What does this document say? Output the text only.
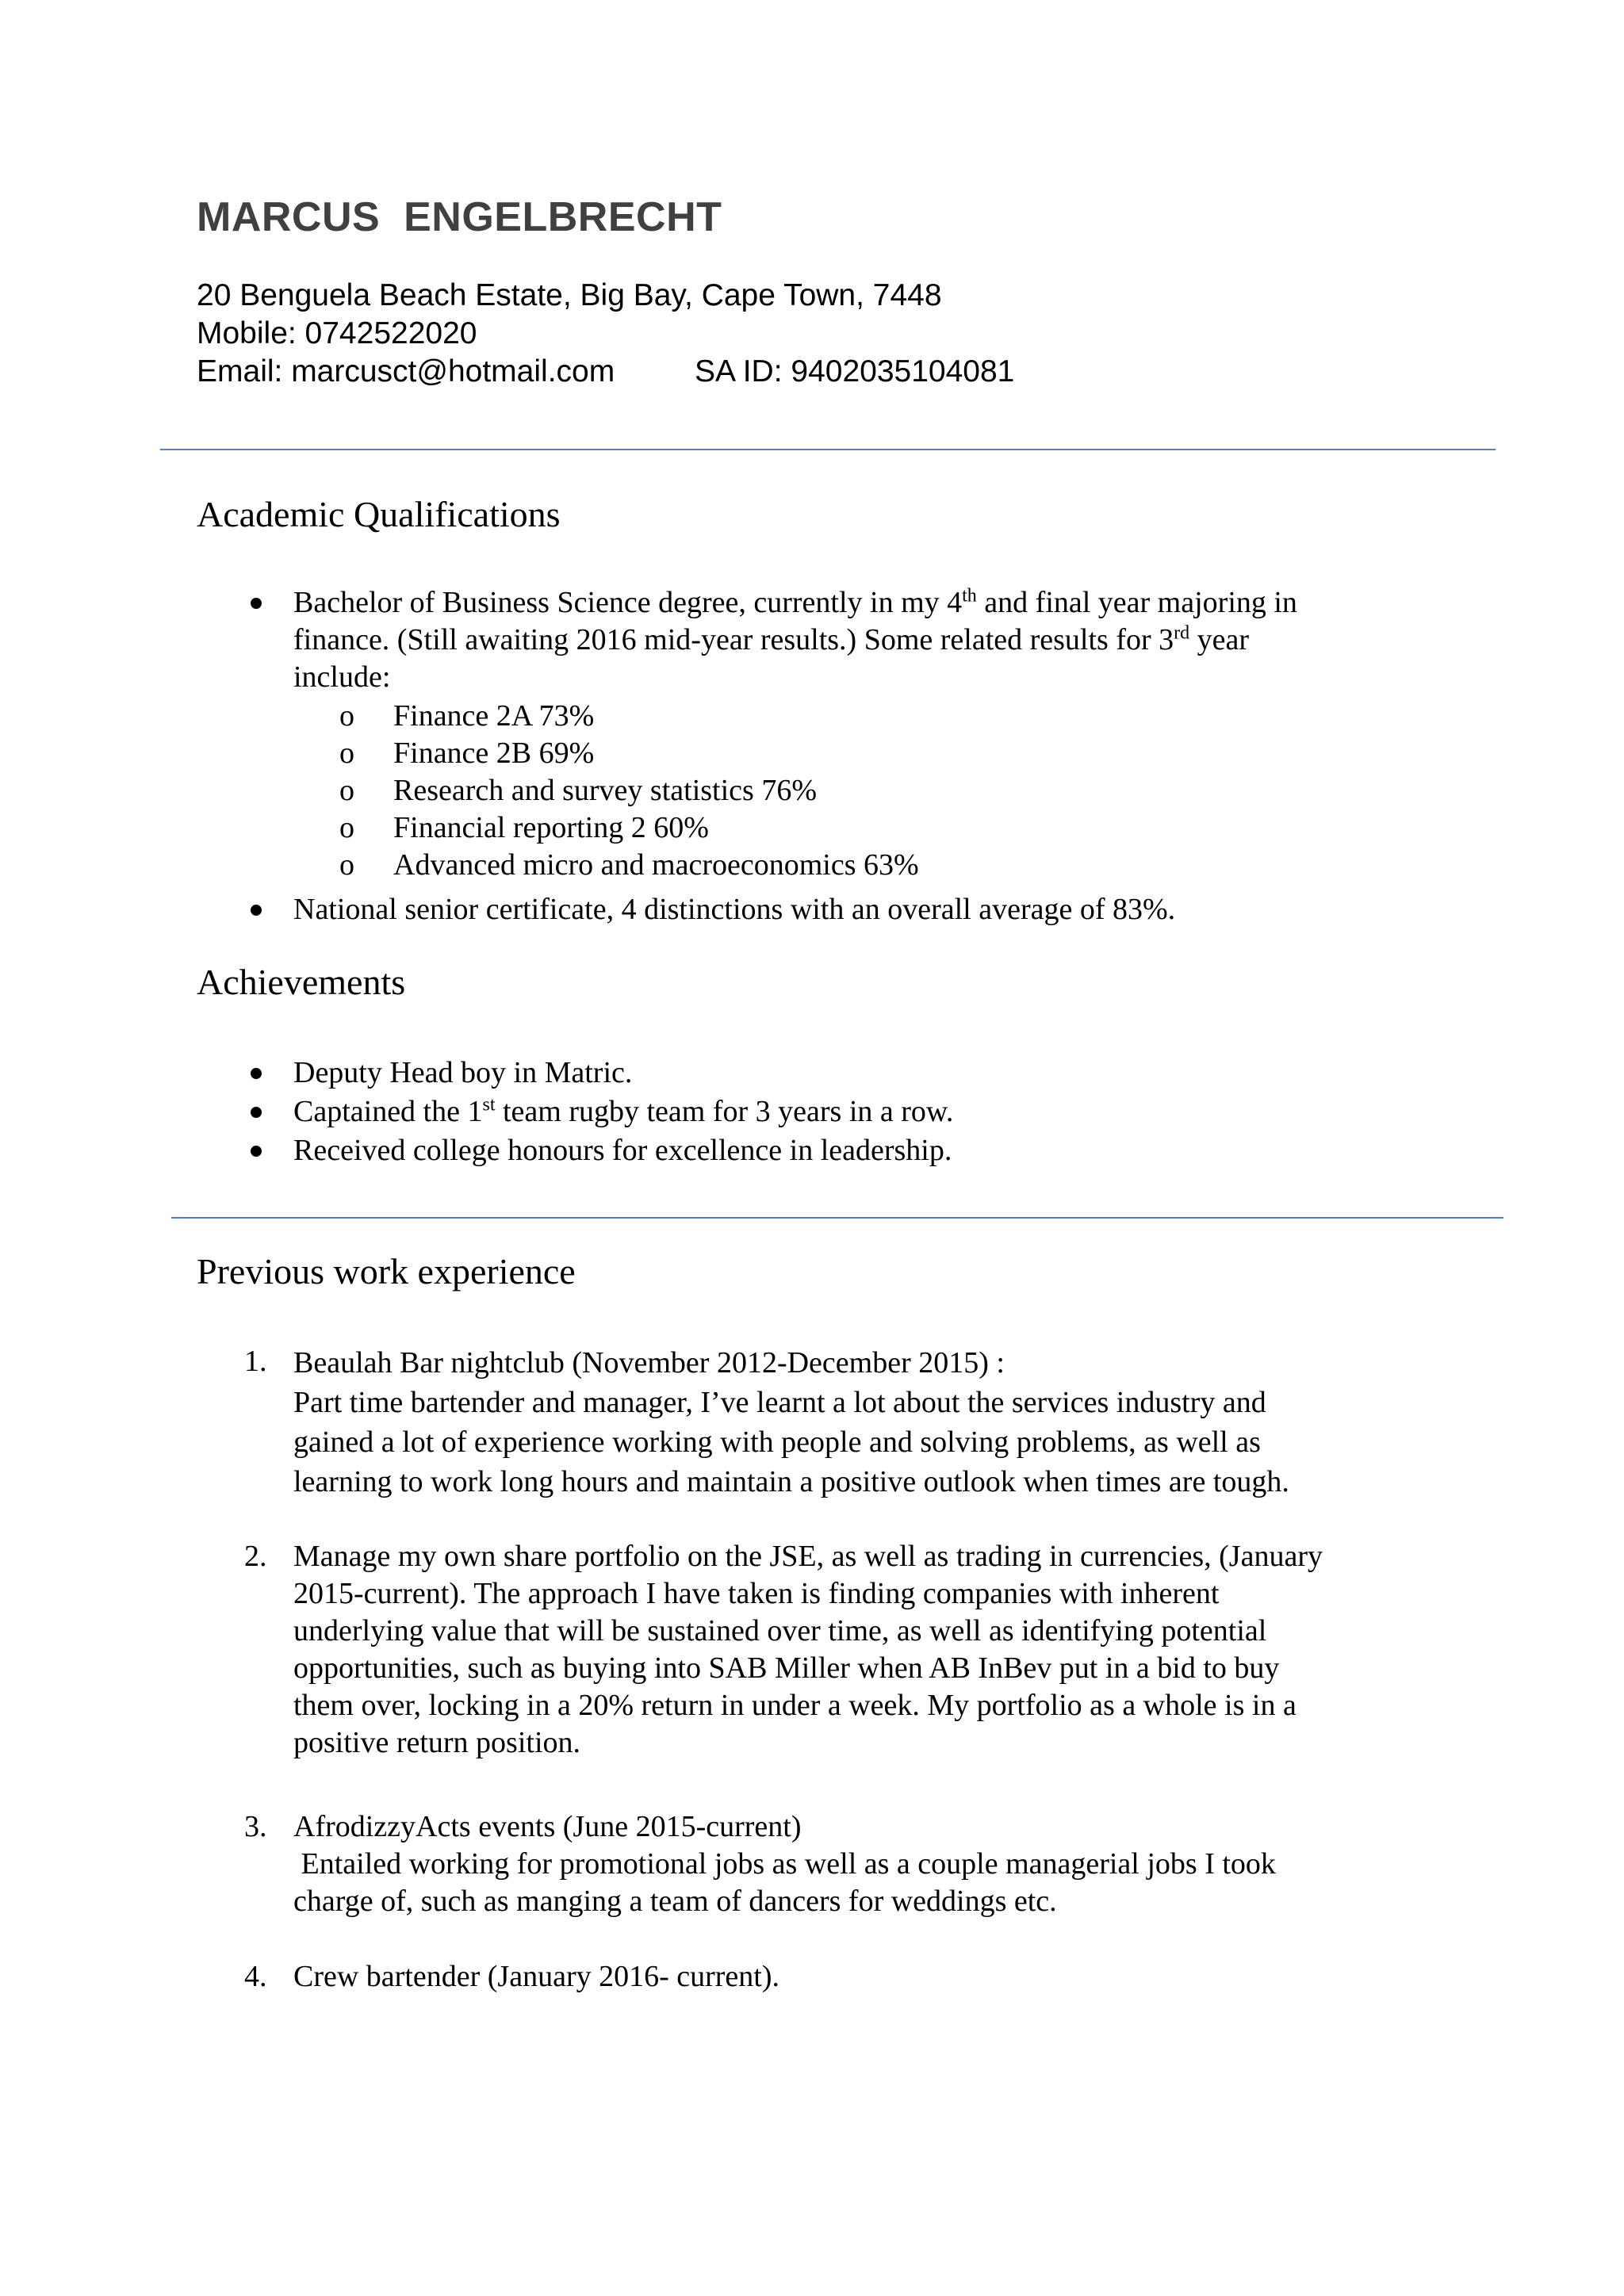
MARCUS  ENGELBRECHT
20 Benguela Beach Estate, Big Bay, Cape Town, 7448
Mobile: 0742522020
Email: marcusct@hotmail.com	SA ID: 9402035104081
Academic Qualifications
Bachelor of Business Science degree, currently in my 4th and final year majoring in
finance. (Still awaiting 2016 mid-year results.) Some related results for 3rd year
include:
o Finance 2A 73%
o Finance 2B 69%
o Research and survey statistics 76%
o Financial reporting 2 60%
o Advanced micro and macroeconomics 63%
National senior certificate, 4 distinctions with an overall average of 83%.
Achievements
Deputy Head boy in Matric.
Captained the 1st team rugby team for 3 years in a row.
Received college honours for excellence in leadership.
Previous work experience
1. Beaulah Bar nightclub (November 2012-December 2015) :
Part time bartender and manager, I’ve learnt a lot about the services industry and
gained a lot of experience working with people and solving problems, as well as
learning to work long hours and maintain a positive outlook when times are tough.
2. Manage my own share portfolio on the JSE, as well as trading in currencies, (January
2015-current). The approach I have taken is finding companies with inherent
underlying value that will be sustained over time, as well as identifying potential
opportunities, such as buying into SAB Miller when AB InBev put in a bid to buy
them over, locking in a 20% return in under a week. My portfolio as a whole is in a
positive return position.
3. AfrodizzyActs events (June 2015-current)
Entailed working for promotional jobs as well as a couple managerial jobs I took
charge of, such as manging a team of dancers for weddings etc.
4. Crew bartender (January 2016- current).
